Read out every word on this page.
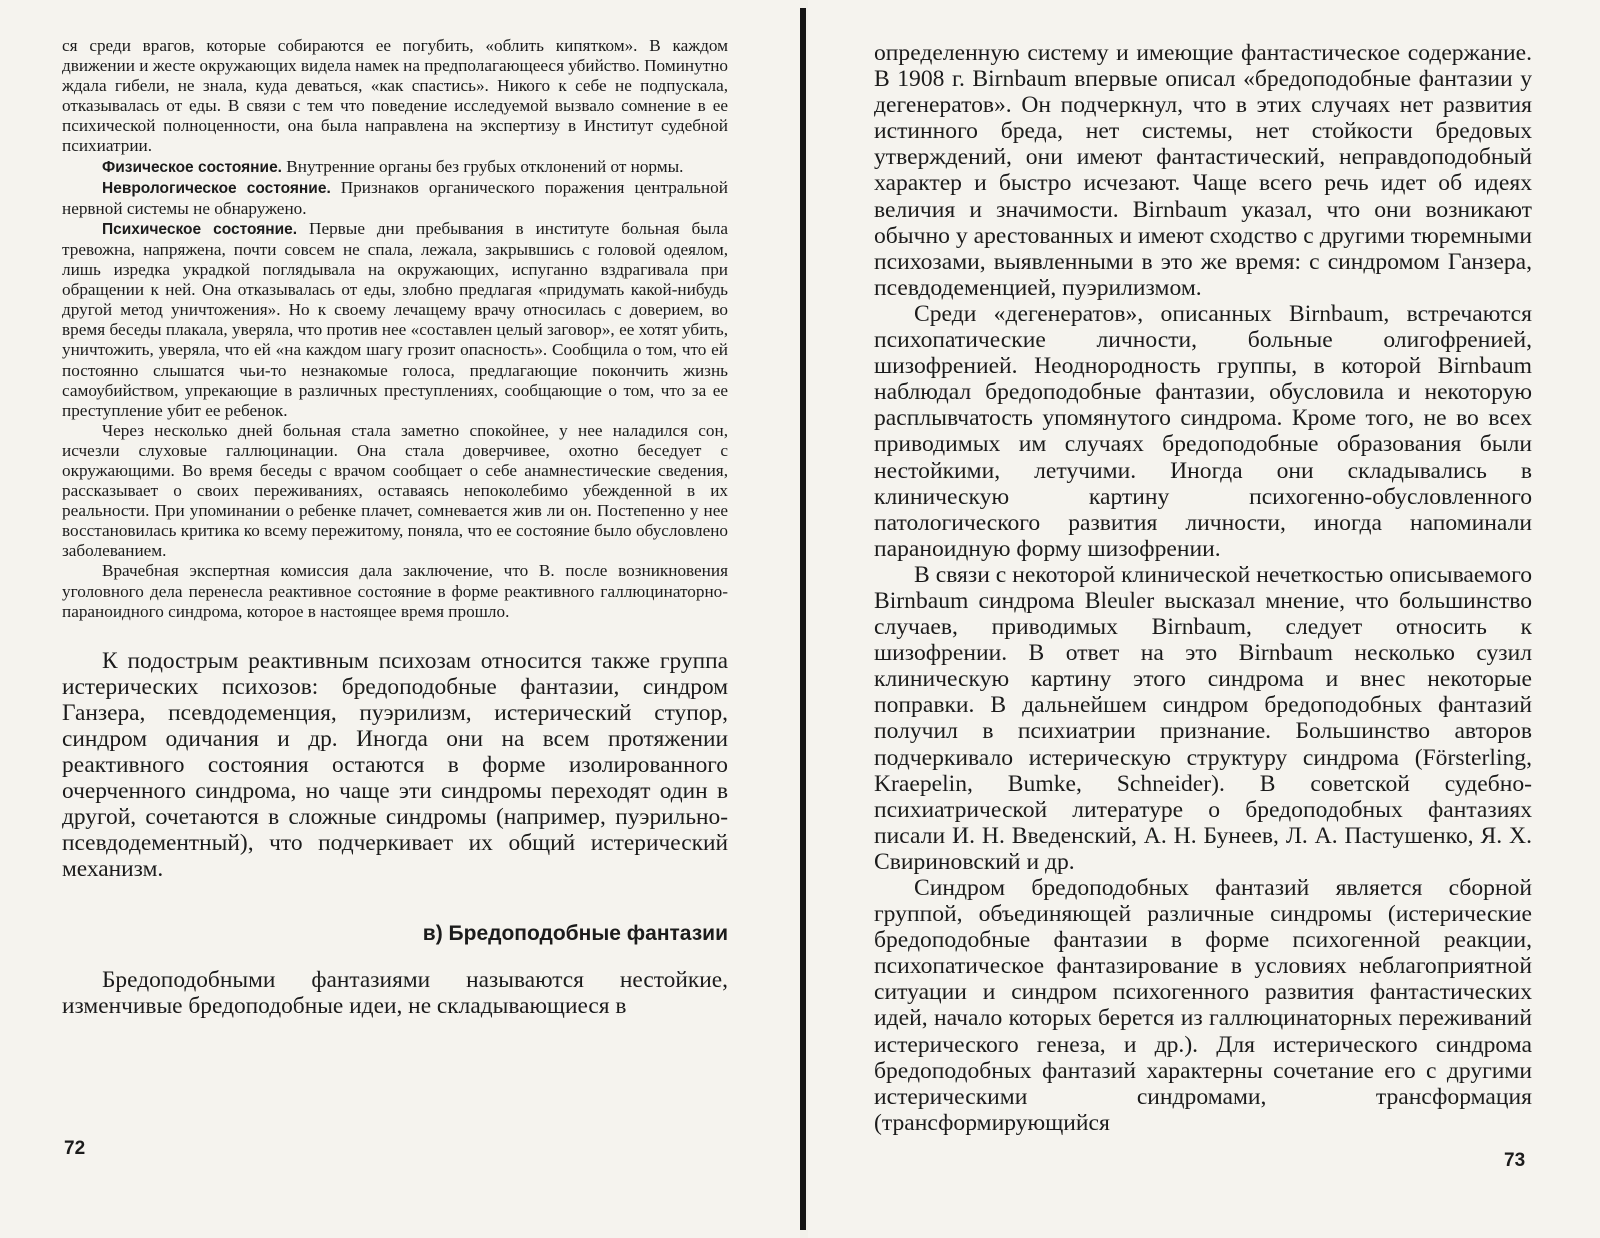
ся среди врагов, которые собираются ее погубить, «облить кипятком». В каждом движении и жесте окружающих видела намек на предполагающееся убийство. Поминутно ждала гибели, не знала, куда деваться, «как спастись». Никого к себе не подпускала, отказывалась от еды. В связи с тем что поведение исследуемой вызвало сомнение в ее психической полноценности, она была направлена на экспертизу в Институт судебной психиатрии.

Физическое состояние. Внутренние органы без грубых отклонений от нормы.

Неврологическое состояние. Признаков органического поражения центральной нервной системы не обнаружено.

Психическое состояние. Первые дни пребывания в институте больная была тревожна, напряжена, почти совсем не спала, лежала, закрывшись с головой одеялом, лишь изредка украдкой поглядывала на окружающих, испуганно вздрагивала при обращении к ней. Она отказывалась от еды, злобно предлагая «придумать какой-нибудь другой метод уничтожения». Но к своему лечащему врачу относилась с доверием, во время беседы плакала, уверяла, что против нее «составлен целый заговор», ее хотят убить, уничтожить, уверяла, что ей «на каждом шагу грозит опасность». Сообщила о том, что ей постоянно слышатся чьи-то незнакомые голоса, предлагающие покончить жизнь самоубийством, упрекающие в различных преступлениях, сообщающие о том, что за ее преступление убит ее ребенок.

Через несколько дней больная стала заметно спокойнее, у нее наладился сон, исчезли слуховые галлюцинации. Она стала доверчивее, охотно беседует с окружающими. Во время беседы с врачом сообщает о себе анамнестические сведения, рассказывает о своих переживаниях, оставаясь непоколебимо убежденной в их реальности. При упоминании о ребенке плачет, сомневается жив ли он. Постепенно у нее восстановилась критика ко всему пережитому, поняла, что ее состояние было обусловлено заболеванием.

Врачебная экспертная комиссия дала заключение, что В. после возникновения уголовного дела перенесла реактивное состояние в форме реактивного галлюцинаторно-параноидного синдрома, которое в настоящее время прошло.

К подострым реактивным психозам относится также группа истерических психозов: бредоподобные фантазии, синдром Ганзера, псевдодеменция, пуэрилизм, истерический ступор, синдром одичания и др. Иногда они на всем протяжении реактивного состояния остаются в форме изолированного очерченного синдрома, но чаще эти синдромы переходят один в другой, сочетаются в сложные синдромы (например, пуэрильно-псевдодементный), что подчеркивает их общий истерический механизм.

в) Бредоподобные фантазии

Бредоподобными фантазиями называются нестойкие, изменчивые бредоподобные идеи, не складывающиеся в

72

определенную систему и имеющие фантастическое содержание. В 1908 г. Birnbaum впервые описал «бредоподобные фантазии у дегенератов». Он подчеркнул, что в этих случаях нет развития истинного бреда, нет системы, нет стойкости бредовых утверждений, они имеют фантастический, неправдоподобный характер и быстро исчезают. Чаще всего речь идет об идеях величия и значимости. Birnbaum указал, что они возникают обычно у арестованных и имеют сходство с другими тюремными психозами, выявленными в это же время: с синдромом Ганзера, псевдодеменцией, пуэрилизмом.

Среди «дегенератов», описанных Birnbaum, встречаются психопатические личности, больные олигофренией, шизофренией. Неоднородность группы, в которой Birnbaum наблюдал бредоподобные фантазии, обусловила и некоторую расплывчатость упомянутого синдрома. Кроме того, не во всех приводимых им случаях бредоподобные образования были нестойкими, летучими. Иногда они складывались в клиническую картину психогенно-обусловленного патологического развития личности, иногда напоминали параноидную форму шизофрении.

В связи с некоторой клинической нечеткостью описываемого Birnbaum синдрома Bleuler высказал мнение, что большинство случаев, приводимых Birnbaum, следует относить к шизофрении. В ответ на это Birnbaum несколько сузил клиническую картину этого синдрома и внес некоторые поправки. В дальнейшем синдром бредоподобных фантазий получил в психиатрии признание. Большинство авторов подчеркивало истерическую структуру синдрома (Försterling, Kraepelin, Bumke, Schneider). В советской судебно-психиатрической литературе о бредоподобных фантазиях писали И. Н. Введенский, А. Н. Бунеев, Л. А. Пастушенко, Я. Х. Свириновский и др.

Синдром бредоподобных фантазий является сборной группой, объединяющей различные синдромы (истерические бредоподобные фантазии в форме психогенной реакции, психопатическое фантазирование в условиях неблагоприятной ситуации и синдром психогенного развития фантастических идей, начало которых берется из галлюцинаторных переживаний истерического генеза, и др.). Для истерического синдрома бредоподобных фантазий характерны сочетание его с другими истерическими синдромами, трансформация (трансформирующийся

73
